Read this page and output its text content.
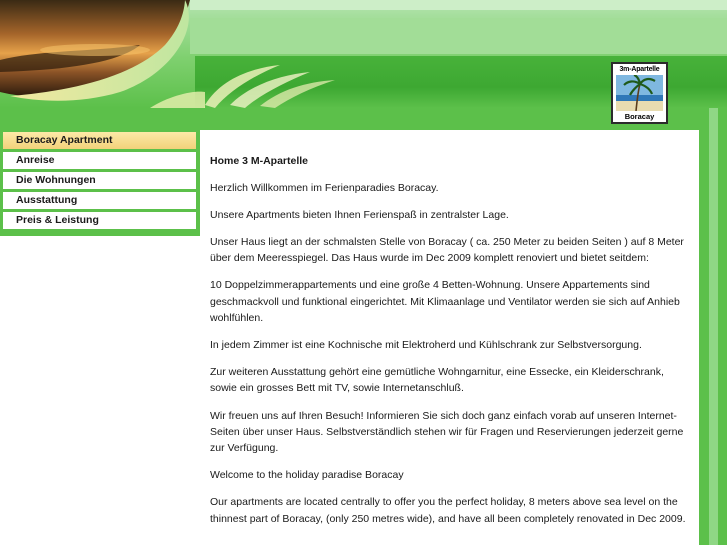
3m-Apartelle
Boracay
Boracay Apartment
Anreise
Die Wohnungen
Ausstattung
Preis & Leistung
Home 3 M-Apartelle

Herzlich Willkommen im Ferienparadies Boracay.

Unsere Apartments bieten Ihnen Ferienspaß in zentralster Lage.

Unser Haus liegt an der schmalsten Stelle von Boracay ( ca. 250 Meter zu beiden Seiten ) auf 8 Meter über dem Meeresspiegel. Das Haus wurde im Dec 2009 komplett renoviert und bietet seitdem:

10 Doppelzimmerappartements und eine große 4 Betten-Wohnung. Unsere Appartements sind geschmackvoll und funktional eingerichtet. Mit Klimaanlage und Ventilator werden sie sich auf Anhieb wohlfühlen.

In jedem Zimmer ist eine Kochnische mit Elektroherd und Kühlschrank zur Selbstversorgung.

Zur weiteren Ausstattung gehört eine gemütliche Wohngarnitur, eine Essecke, ein Kleiderschrank, sowie ein grosses Bett mit TV, sowie Internetanschluß.

Wir freuen uns auf Ihren Besuch! Informieren Sie sich doch ganz einfach vorab auf unseren Internet-Seiten über unser Haus. Selbstverständlich stehen wir für Fragen und Reservierungen jederzeit gerne zur Verfügung.

Welcome to the holiday paradise Boracay

Our apartments are located centrally to offer you the perfect holiday, 8 meters above sea level on the thinnest part of Boracay, (only 250 metres wide), and have all been completely renovated in Dec 2009.
